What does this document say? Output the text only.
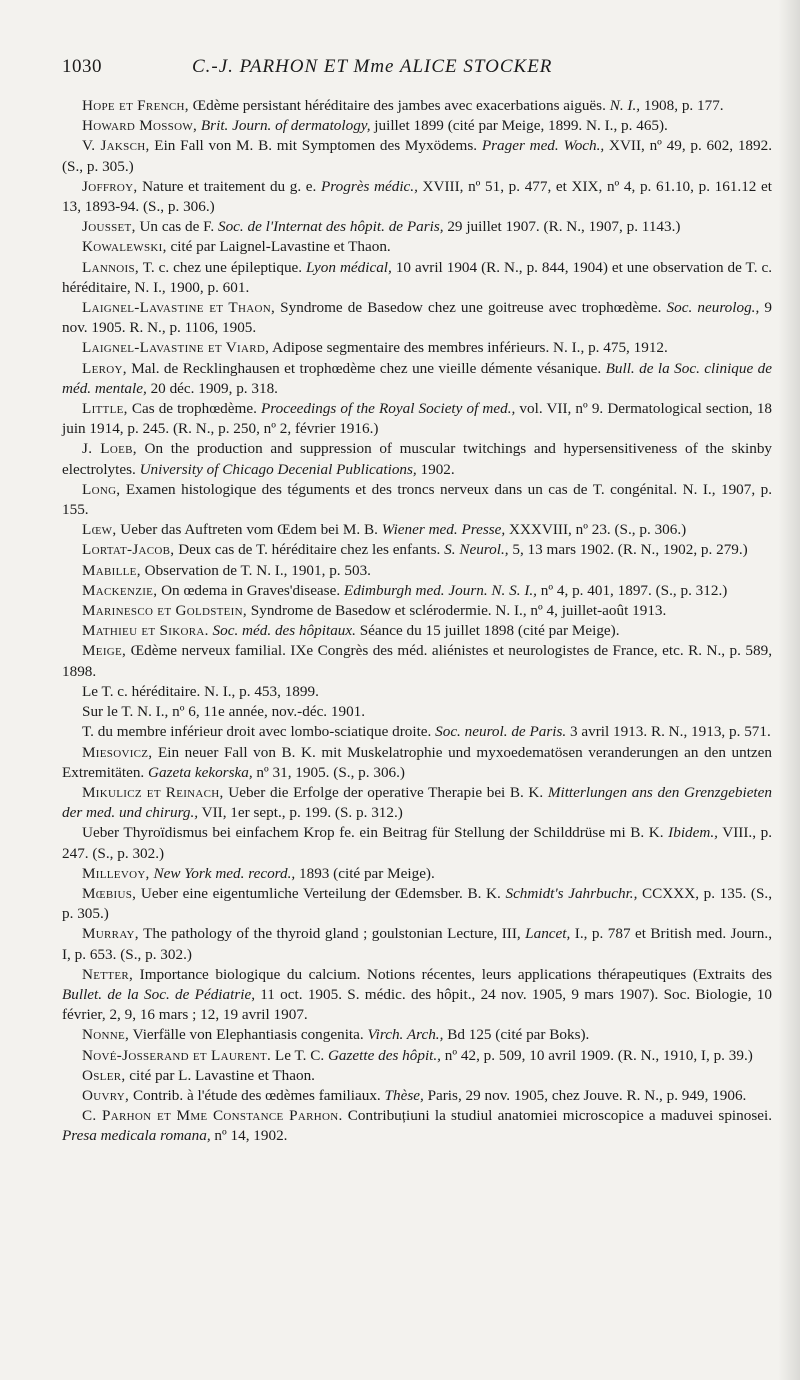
1030	C.-J. PARHON ET Mme ALICE STOCKER

Hope et French, Œdème persistant héréditaire des jambes avec exacerbations aiguës. N. I., 1908, p. 177.

Howard Mossow, Brit. Journ. of dermatology, juillet 1899 (cité par Meige, 1899. N. I., p. 465).

V. Jaksch, Ein Fall von M. B. mit Symptomen des Myxödems. Prager med. Woch., XVII, nº 49, p. 602, 1892. (S., p. 305.)

Joffroy, Nature et traitement du g. e. Progrès médic., XVIII, nº 51, p. 477, et XIX, nº 4, p. 61.10, p. 161.12 et 13, 1893-94. (S., p. 306.)

Jousset, Un cas de F. Soc. de l'Internat des hôpit. de Paris, 29 juillet 1907. (R. N., 1907, p. 1143.)

Kowalewski, cité par Laignel-Lavastine et Thaon.

Lannois, T. c. chez une épileptique. Lyon médical, 10 avril 1904 (R. N., p. 844, 1904) et une observation de T. c. héréditaire, N. I., 1900, p. 601.

Laignel-Lavastine et Thaon, Syndrome de Basedow chez une goitreuse avec trophœdème. Soc. neurolog., 9 nov. 1905. R. N., p. 1106, 1905.

Laignel-Lavastine et Viard, Adipose segmentaire des membres inférieurs. N. I., p. 475, 1912.

Leroy, Mal. de Recklinghausen et trophœdème chez une vieille démente vésanique. Bull. de la Soc. clinique de méd. mentale, 20 déc. 1909, p. 318.

Little, Cas de trophœdème. Proceedings of the Royal Society of med., vol. VII, nº 9. Dermatological section, 18 juin 1914, p. 245. (R. N., p. 250, nº 2, février 1916.)

J. Loeb, On the production and suppression of muscular twitchings and hypersensitiveness of the skinby electrolytes. University of Chicago Decenial Publications, 1902.

Long, Examen histologique des téguments et des troncs nerveux dans un cas de T. congénital. N. I., 1907, p. 155.

Lœw, Ueber das Auftreten vom Œdem bei M. B. Wiener med. Presse, XXXVIII, nº 23. (S., p. 306.)

Lortat-Jacob, Deux cas de T. héréditaire chez les enfants. S. Neurol., 5, 13 mars 1902. (R. N., 1902, p. 279.)

Mabille, Observation de T. N. I., 1901, p. 503.

Mackenzie, On œdema in Graves'disease. Edimburgh med. Journ. N. S. I., nº 4, p. 401, 1897. (S., p. 312.)

Marinesco et Goldstein, Syndrome de Basedow et sclérodermie. N. I., nº 4, juillet-août 1913.

Mathieu et Sikora. Soc. méd. des hôpitaux. Séance du 15 juillet 1898 (cité par Meige).

Meige, Œdème nerveux familial. IXe Congrès des méd. aliénistes et neurologistes de France, etc. R. N., p. 589, 1898.

Le T. c. héréditaire. N. I., p. 453, 1899.

Sur le T. N. I., nº 6, 11e année, nov.-déc. 1901.

T. du membre inférieur droit avec lombo-sciatique droite. Soc. neurol. de Paris. 3 avril 1913. R. N., 1913, p. 571.

Miesovicz, Ein neuer Fall von B. K. mit Muskelatrophie und myxoedematösen veranderungen an den untzen Extremitäten. Gazeta kekorska, nº 31, 1905. (S., p. 306.)

Mikulicz et Reinach, Ueber die Erfolge der operative Therapie bei B. K. Mitterlungen ans den Grenzgebieten der med. und chirurg., VII, 1er sept., p. 199. (S. p. 312.)

Ueber Thyroïdismus bei einfachem Krop fe. ein Beitrag für Stellung der Schilddrüse mi B. K. Ibidem., VIII., p. 247. (S., p. 302.)

Millevoy, New York med. record., 1893 (cité par Meige).

Mœbius, Ueber eine eigentumliche Verteilung der Œdemsber. B. K. Schmidt's Jahrbuchr., CCXXX, p. 135. (S., p. 305.)

Murray, The pathology of the thyroid gland ; goulstonian Lecture, III, Lancet, I., p. 787 et British med. Journ., I, p. 653. (S., p. 302.)

Netter, Importance biologique du calcium. Notions récentes, leurs applications thérapeutiques (Extraits des Bullet. de la Soc. de Pédiatrie, 11 oct. 1905. S. médic. des hôpit., 24 nov. 1905, 9 mars 1907). Soc. Biologie, 10 février, 2, 9, 16 mars ; 12, 19 avril 1907.

Nonne, Vierfälle von Elephantiasis congenita. Virch. Arch., Bd 125 (cité par Boks).

Nové-Josserand et Laurent. Le T. C. Gazette des hôpit., nº 42, p. 509, 10 avril 1909. (R. N., 1910, I, p. 39.)

Osler, cité par L. Lavastine et Thaon.

Ouvry, Contrib. à l'étude des œdèmes familiaux. Thèse, Paris, 29 nov. 1905, chez Jouve. R. N., p. 949, 1906.

C. Parhon et Mme Constance Parhon. Contribuțiuni la studiul anatomiei microscopice a maduvei spinosei. Presa medicala romana, nº 14, 1902.
